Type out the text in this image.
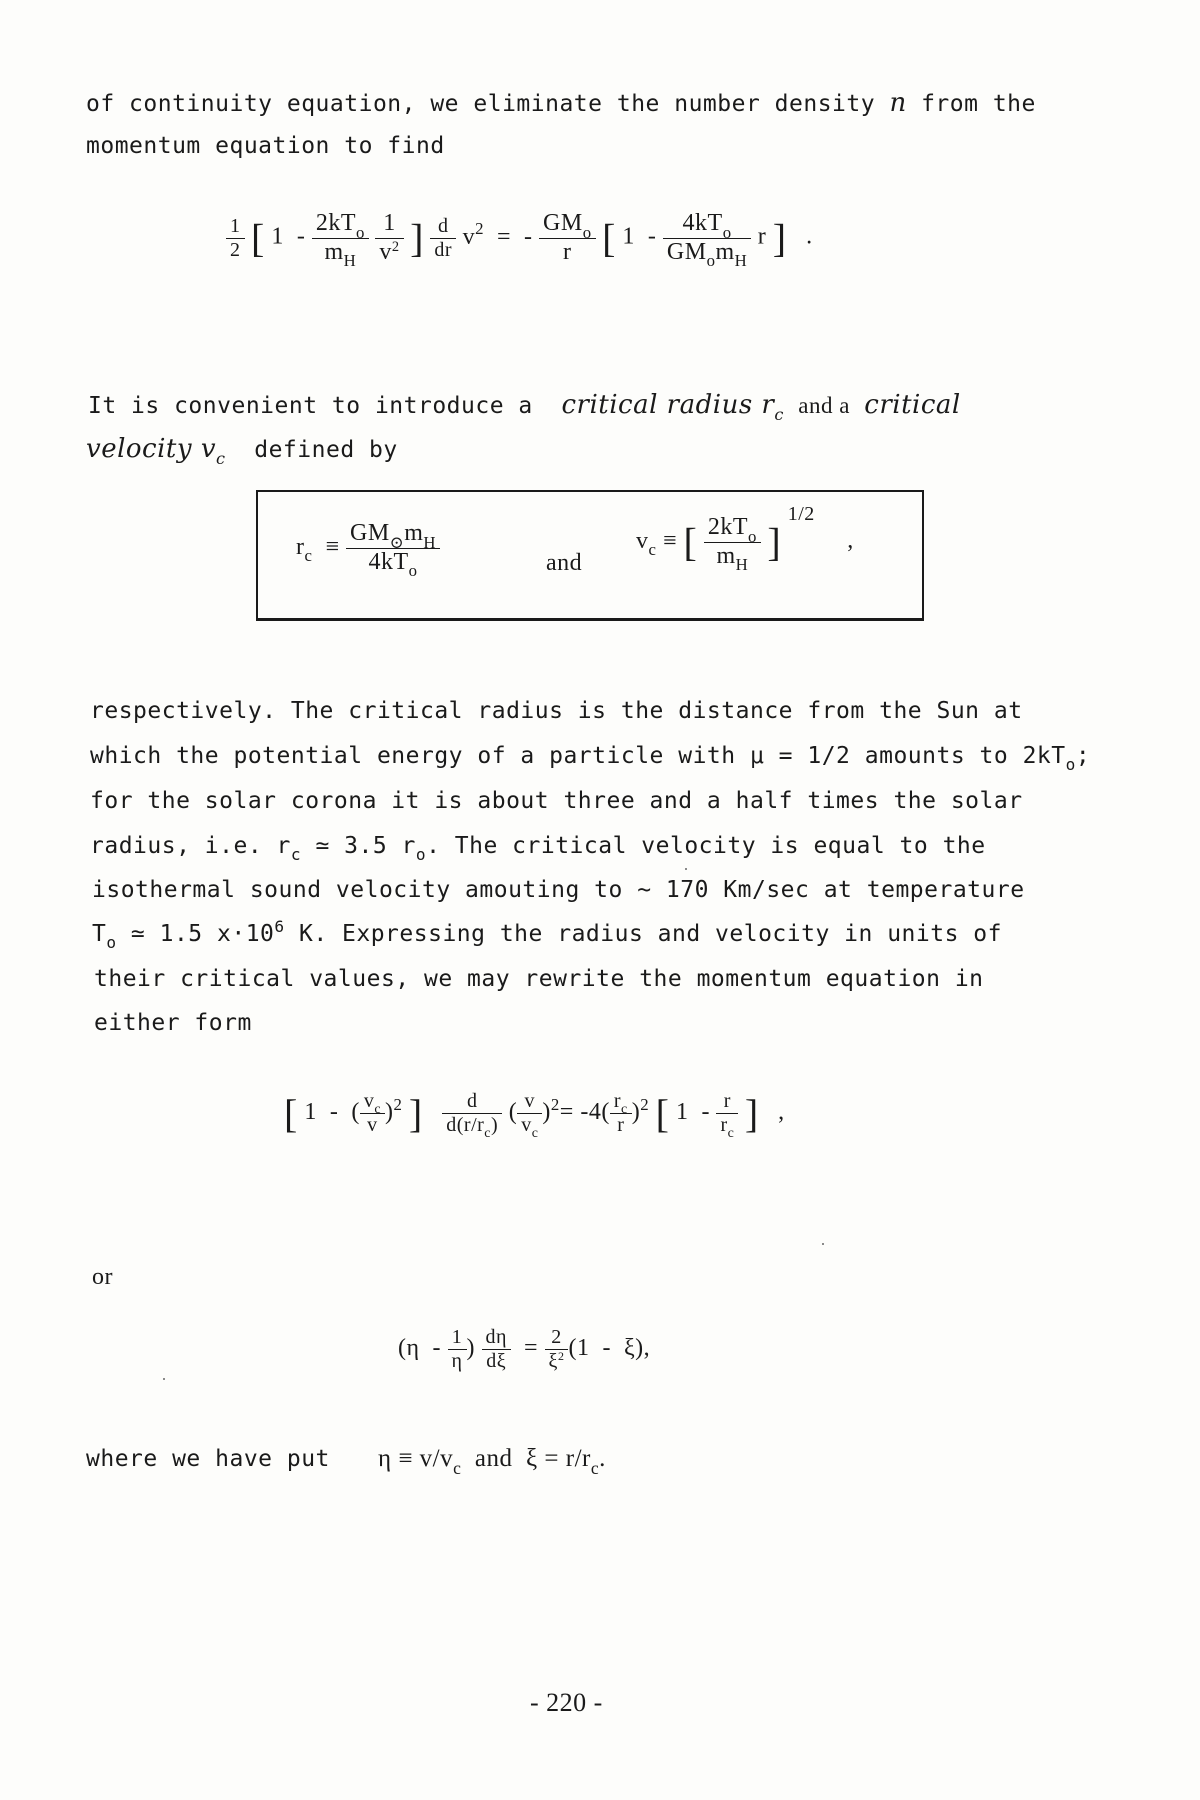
of continuity equation, we eliminate the number density n from the
momentum equation to find
$\frac{1}{2}$ [ $1 - \frac{2kT_o}{m_H}$
$\frac{1}{v^2}$ ] $\frac{d}{dr} v^2$  =  - $\frac{GM_o}{r}$ [ $1 - \frac{4kT_o}{GM_om_H}$ r ]   .
It is convenient to introduce a critical radius $r_c$ and a critical
velocity $v_c$ defined by
$r_c \equiv \frac{GM_⊙m_H}{4kT_o}$	and
$v_c$ ≡ [ $\frac{2kT_o}{m_H}$ ] $^{1/2}$     ,
respectively. The critical radius is the distance from the Sun at
which the potential energy of a particle with μ = 1/2 amounts to $2kT_o$;
for the solar corona it is about three and a half times the solar
radius, i.e. $r_c$ ≃ 3.5 $r_o$. The critical velocity is equal to the
isothermal sound velocity amouting to ~ 170 Km/sec at temperature
$T_o$ ≃ 1.5 $x\cdot 10^6$ K. Expressing the radius and velocity in units of
their critical values, we may rewrite the momentum equation in
either form
[ 1  -  ( $\frac{v_c}{v} )^2$ ] $\frac{d}{d(r/r_c)}$ ( $\frac{v}{v_c} )^2= -4( \frac{r_c}{r} )^2$ [ $1 - \frac{r}{r_c}$ ]   ,
or
($\eta - \frac{1}{\eta}$ ) $\frac{d\eta}{d\xi} = \frac{2}{\xi^2} (1 - \xi)$,
where we have put $\eta \equiv v/v_c$ and $\xi = r/r_c$.
- 220 -
